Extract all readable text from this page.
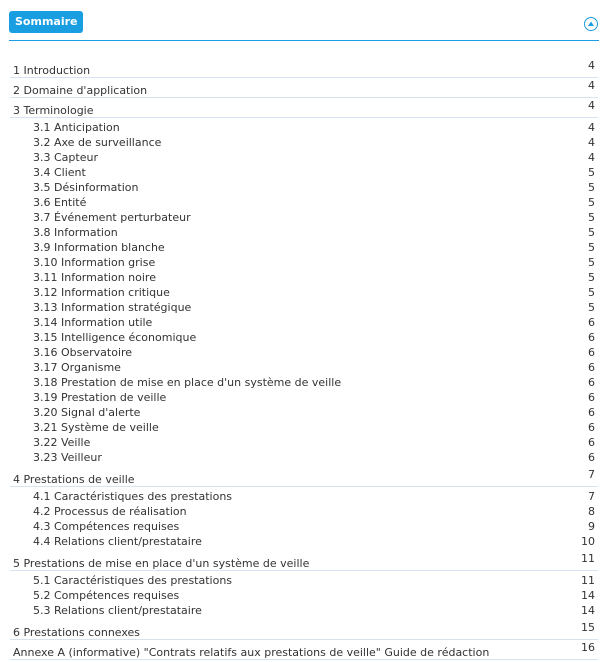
Sommaire
1 Introduction	4
2 Domaine d'application	4
3 Terminologie	4
3.1 Anticipation	4
3.2 Axe de surveillance	4
3.3 Capteur	4
3.4 Client	5
3.5 Désinformation	5
3.6 Entité	5
3.7 Événement perturbateur	5
3.8 Information	5
3.9 Information blanche	5
3.10 Information grise	5
3.11 Information noire	5
3.12 Information critique	5
3.13 Information stratégique	5
3.14 Information utile	6
3.15 Intelligence économique	6
3.16 Observatoire	6
3.17 Organisme	6
3.18 Prestation de mise en place d'un système de veille	6
3.19 Prestation de veille	6
3.20 Signal d'alerte	6
3.21 Système de veille	6
3.22 Veille	6
3.23 Veilleur	6
4 Prestations de veille	7
4.1 Caractéristiques des prestations	7
4.2 Processus de réalisation	8
4.3 Compétences requises	9
4.4 Relations client/prestataire	10
5 Prestations de mise en place d'un système de veille	11
5.1 Caractéristiques des prestations	11
5.2 Compétences requises	14
5.3 Relations client/prestataire	14
6 Prestations connexes	15
Annexe A (informative) "Contrats relatifs aux prestations de veille" Guide de rédaction	16
